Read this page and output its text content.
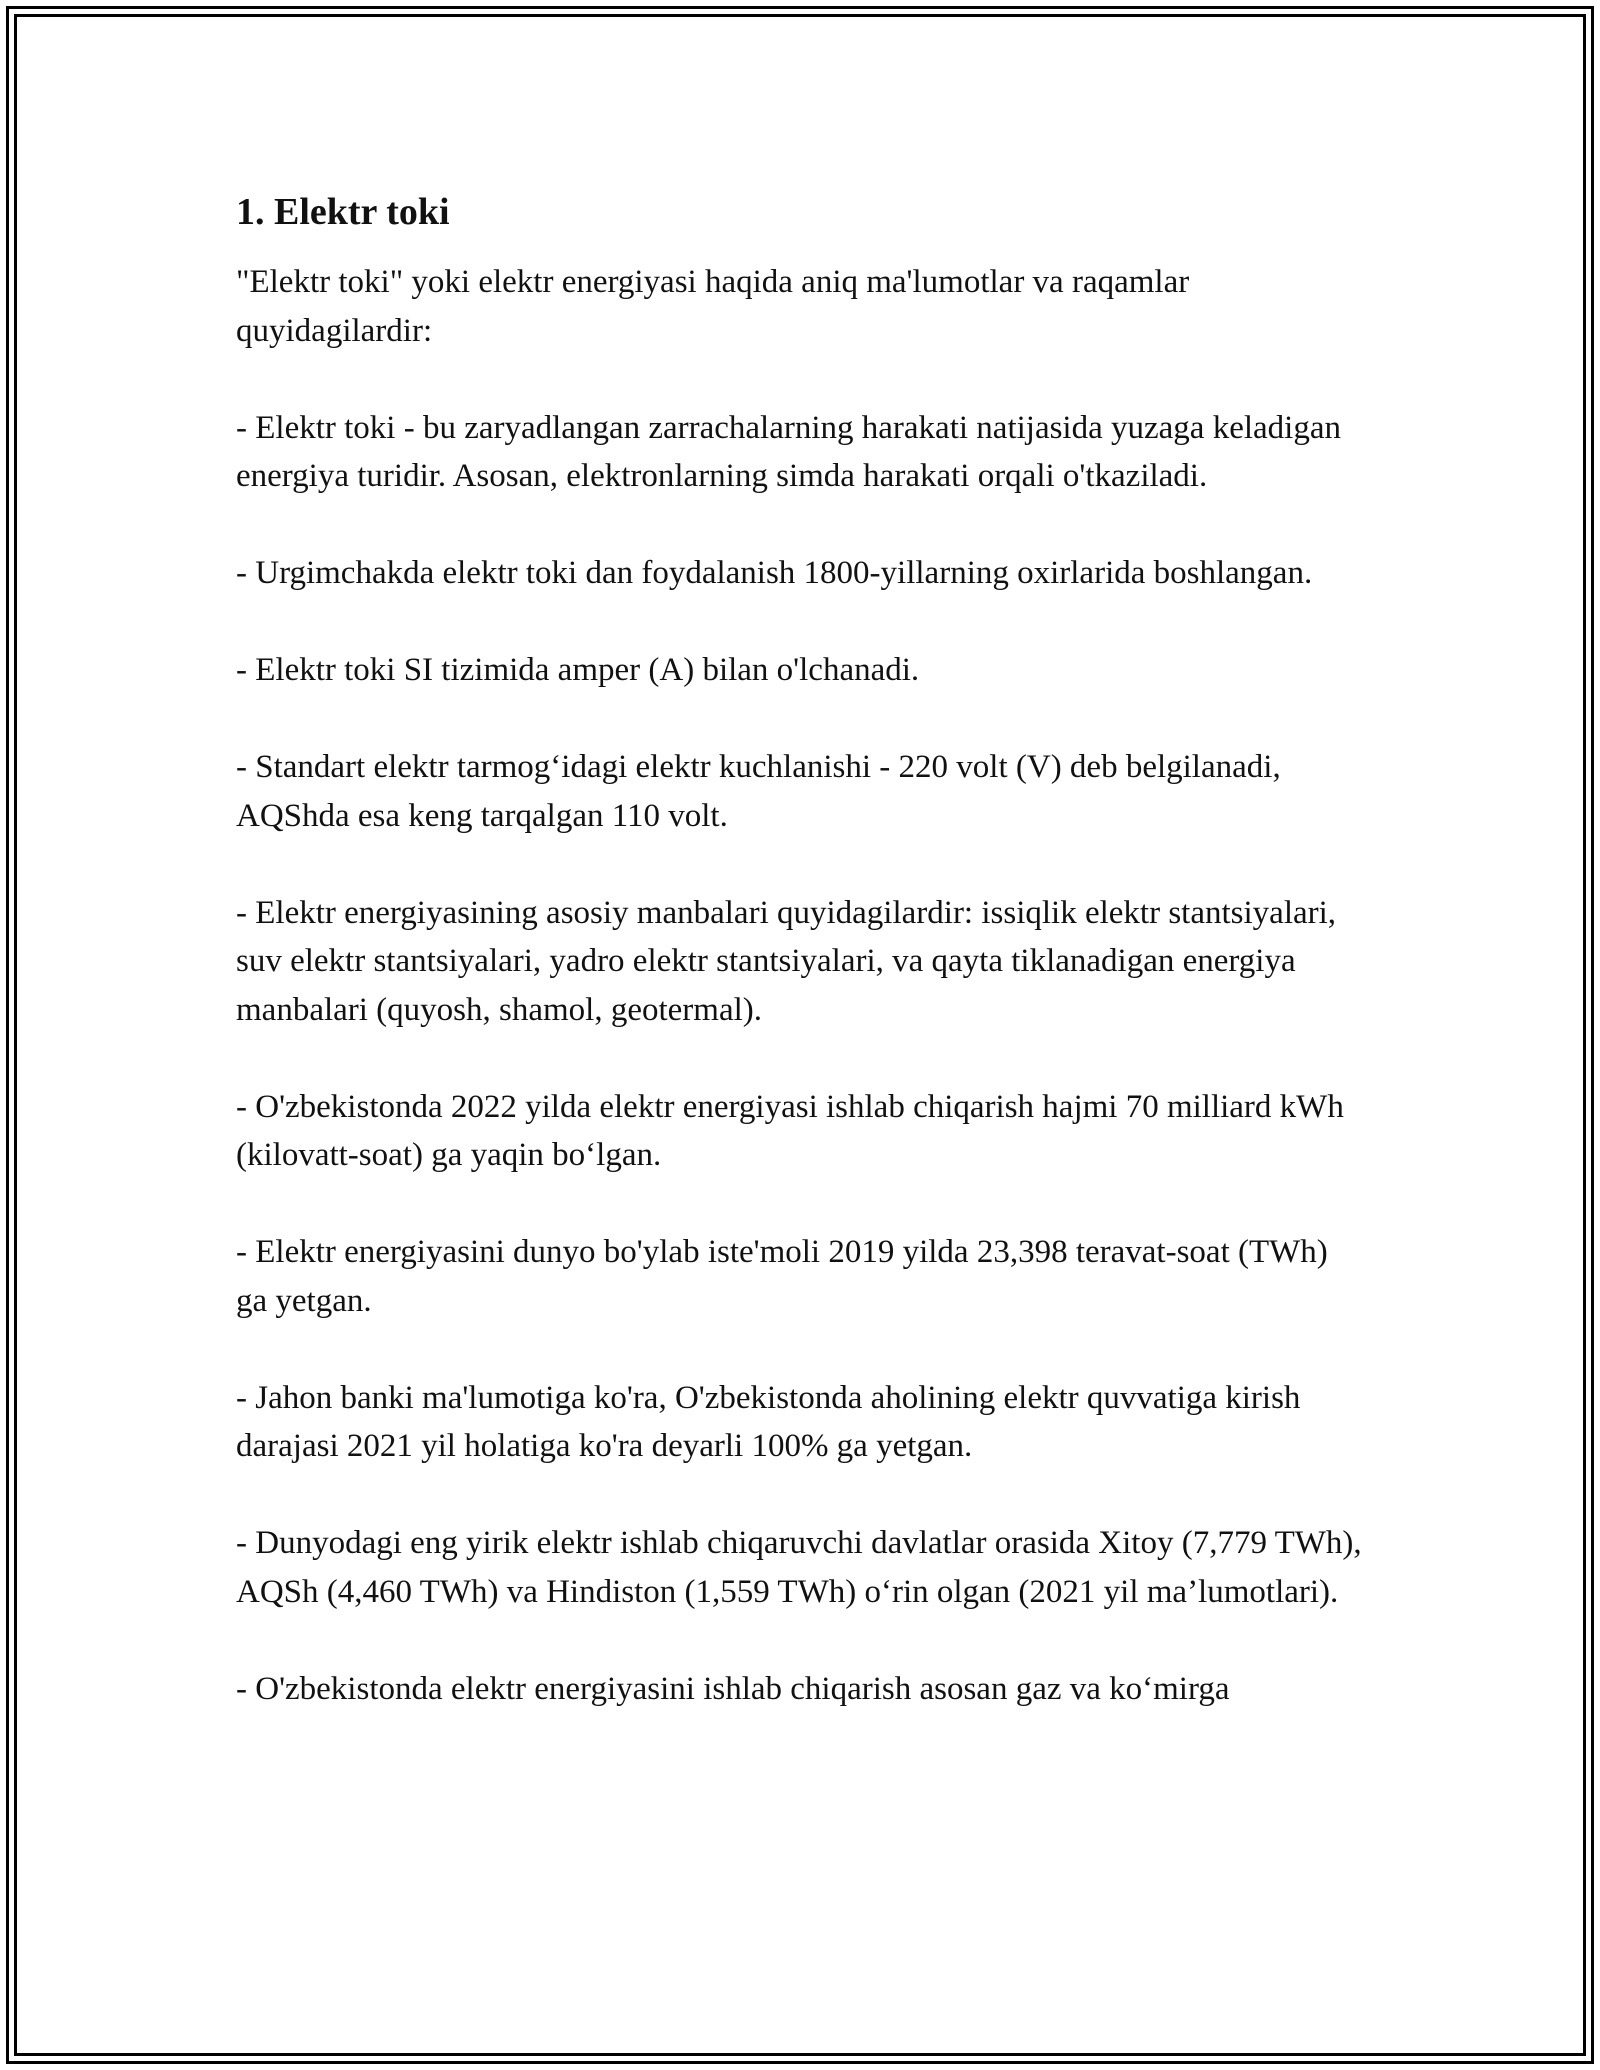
1. Elektr toki

"Elektr toki" yoki elektr energiyasi haqida aniq ma'lumotlar va raqamlar quyidagilardir:

- Elektr toki - bu zaryadlangan zarrachalarning harakati natijasida yuzaga keladigan energiya turidir. Asosan, elektronlarning simda harakati orqali o'tkaziladi.

- Urgimchakda elektr toki dan foydalanish 1800-yillarning oxirlarida boshlangan.

- Elektr toki SI tizimida amper (A) bilan o'lchanadi.

- Standart elektr tarmog‘idagi elektr kuchlanishi - 220 volt (V) deb belgilanadi, AQShda esa keng tarqalgan 110 volt.

- Elektr energiyasining asosiy manbalari quyidagilardir: issiqlik elektr stantsiyalari, suv elektr stantsiyalari, yadro elektr stantsiyalari, va qayta tiklanadigan energiya manbalari (quyosh, shamol, geotermal).

- O'zbekistonda 2022 yilda elektr energiyasi ishlab chiqarish hajmi 70 milliard kWh (kilovatt-soat) ga yaqin bo‘lgan.

- Elektr energiyasini dunyo bo'ylab iste'moli 2019 yilda 23,398 teravat-soat (TWh) ga yetgan.

- Jahon banki ma'lumotiga ko'ra, O'zbekistonda aholining elektr quvvatiga kirish darajasi 2021 yil holatiga ko'ra deyarli 100% ga yetgan.

- Dunyodagi eng yirik elektr ishlab chiqaruvchi davlatlar orasida Xitoy (7,779 TWh), AQSh (4,460 TWh) va Hindiston (1,559 TWh) o‘rin olgan (2021 yil ma’lumotlari).

- O'zbekistonda elektr energiyasini ishlab chiqarish asosan gaz va ko‘mirga
